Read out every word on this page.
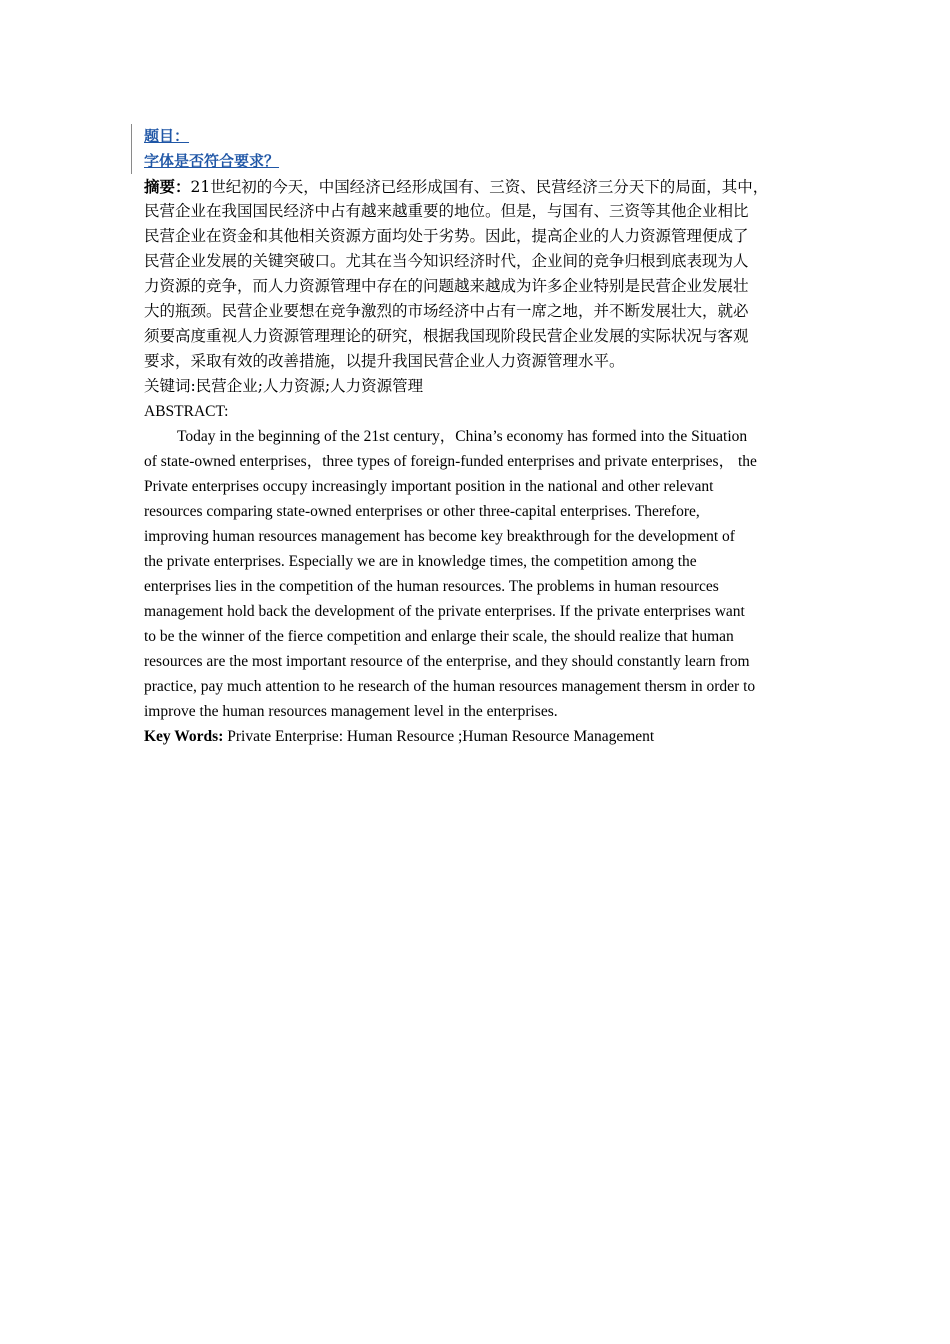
题目：
字体是否符合要求？
摘要：21世纪初的今天，中国经济已经形成国有、三资、民营经济三分天下的局面，其中，
民营企业在我国国民经济中占有越来越重要的地位。但是，与国有、三资等其他企业相比
民营企业在资金和其他相关资源方面均处于劣势。因此，提高企业的人力资源管理便成了
民营企业发展的关键突破口。尤其在当今知识经济时代，企业间的竞争归根到底表现为人
力资源的竞争，而人力资源管理中存在的问题越来越成为许多企业特别是民营企业发展壮
大的瓶颈。民营企业要想在竞争激烈的市场经济中占有一席之地，并不断发展壮大，就必
须要高度重视人力资源管理理论的研究，根据我国现阶段民营企业发展的实际状况与客观
要求，采取有效的改善措施，以提升我国民营企业人力资源管理水平。
关键词:民营企业;人力资源;人力资源管理
ABSTRACT:
Today in the beginning of the 21st century，China’s economy has formed into the Situation
of state-owned enterprises，three types of foreign-funded enterprises and private enterprises， the
Private enterprises occupy increasingly important position in the national and other relevant
resources comparing state-owned enterprises or other three-capital enterprises. Therefore,
improving human resources management has become key breakthrough for the development of
the private enterprises. Especially we are in knowledge times, the competition among the
enterprises lies in the competition of the human resources. The problems in human resources
management hold back the development of the private enterprises. If the private enterprises want
to be the winner of the fierce competition and enlarge their scale, the should realize that human
resources are the most important resource of the enterprise, and they should constantly learn from
practice, pay much attention to he research of the human resources management thersm in order to
improve the human resources management level in the enterprises.
Key Words: Private Enterprise: Human Resource ;Human Resource Management
